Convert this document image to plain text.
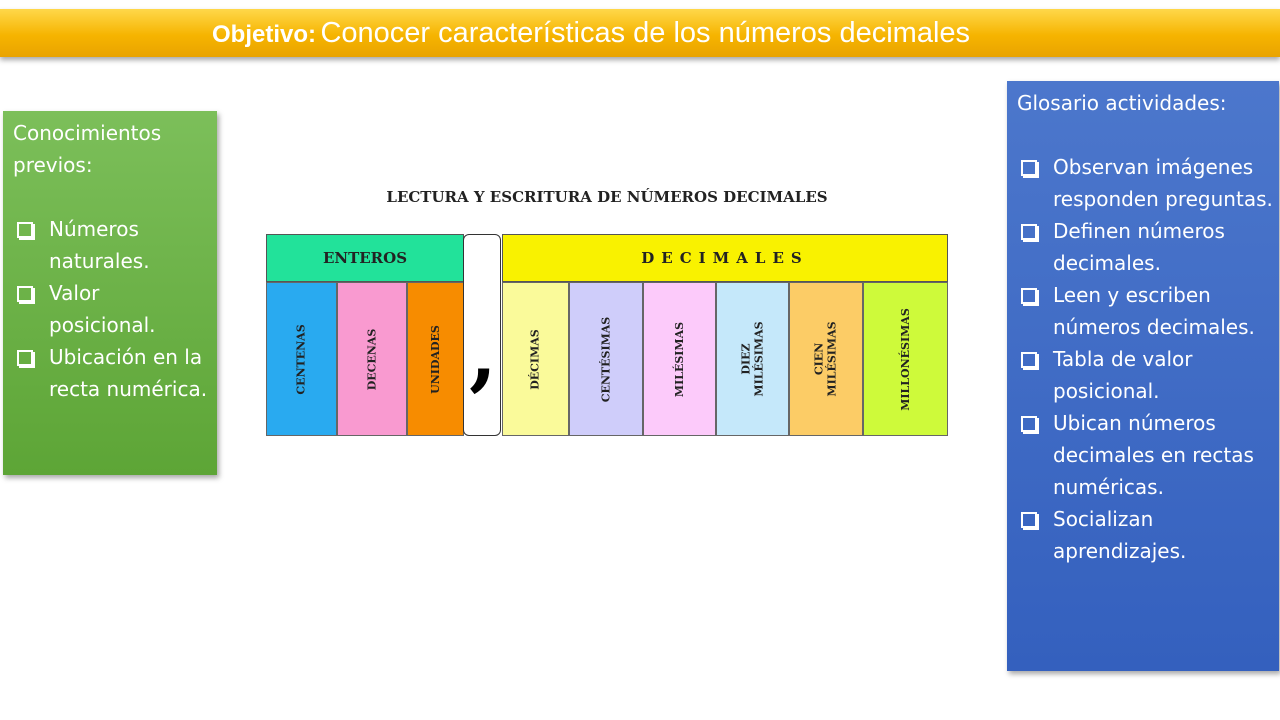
Objetivo: Conocer características de los números decimales
Conocimientos
previos:
Números naturales.
Valor posicional.
Ubicación en la recta numérica.
LECTURA Y ESCRITURA DE NÚMEROS DECIMALES
ENTEROS	DECIMALES
CENTENAS	DECENAS	UNIDADES	DÉCIMAS	CENTÉSIMAS	MILÉSIMAS	DIEZ MILÉSIMAS	CIEN MILÉSIMAS	MILLONÉSIMAS
,
Glosario actividades:
Observan imágenes responden preguntas.
Definen números decimales.
Leen y escriben números decimales.
Tabla de valor posicional.
Ubican números decimales en rectas numéricas.
Socializan aprendizajes.
